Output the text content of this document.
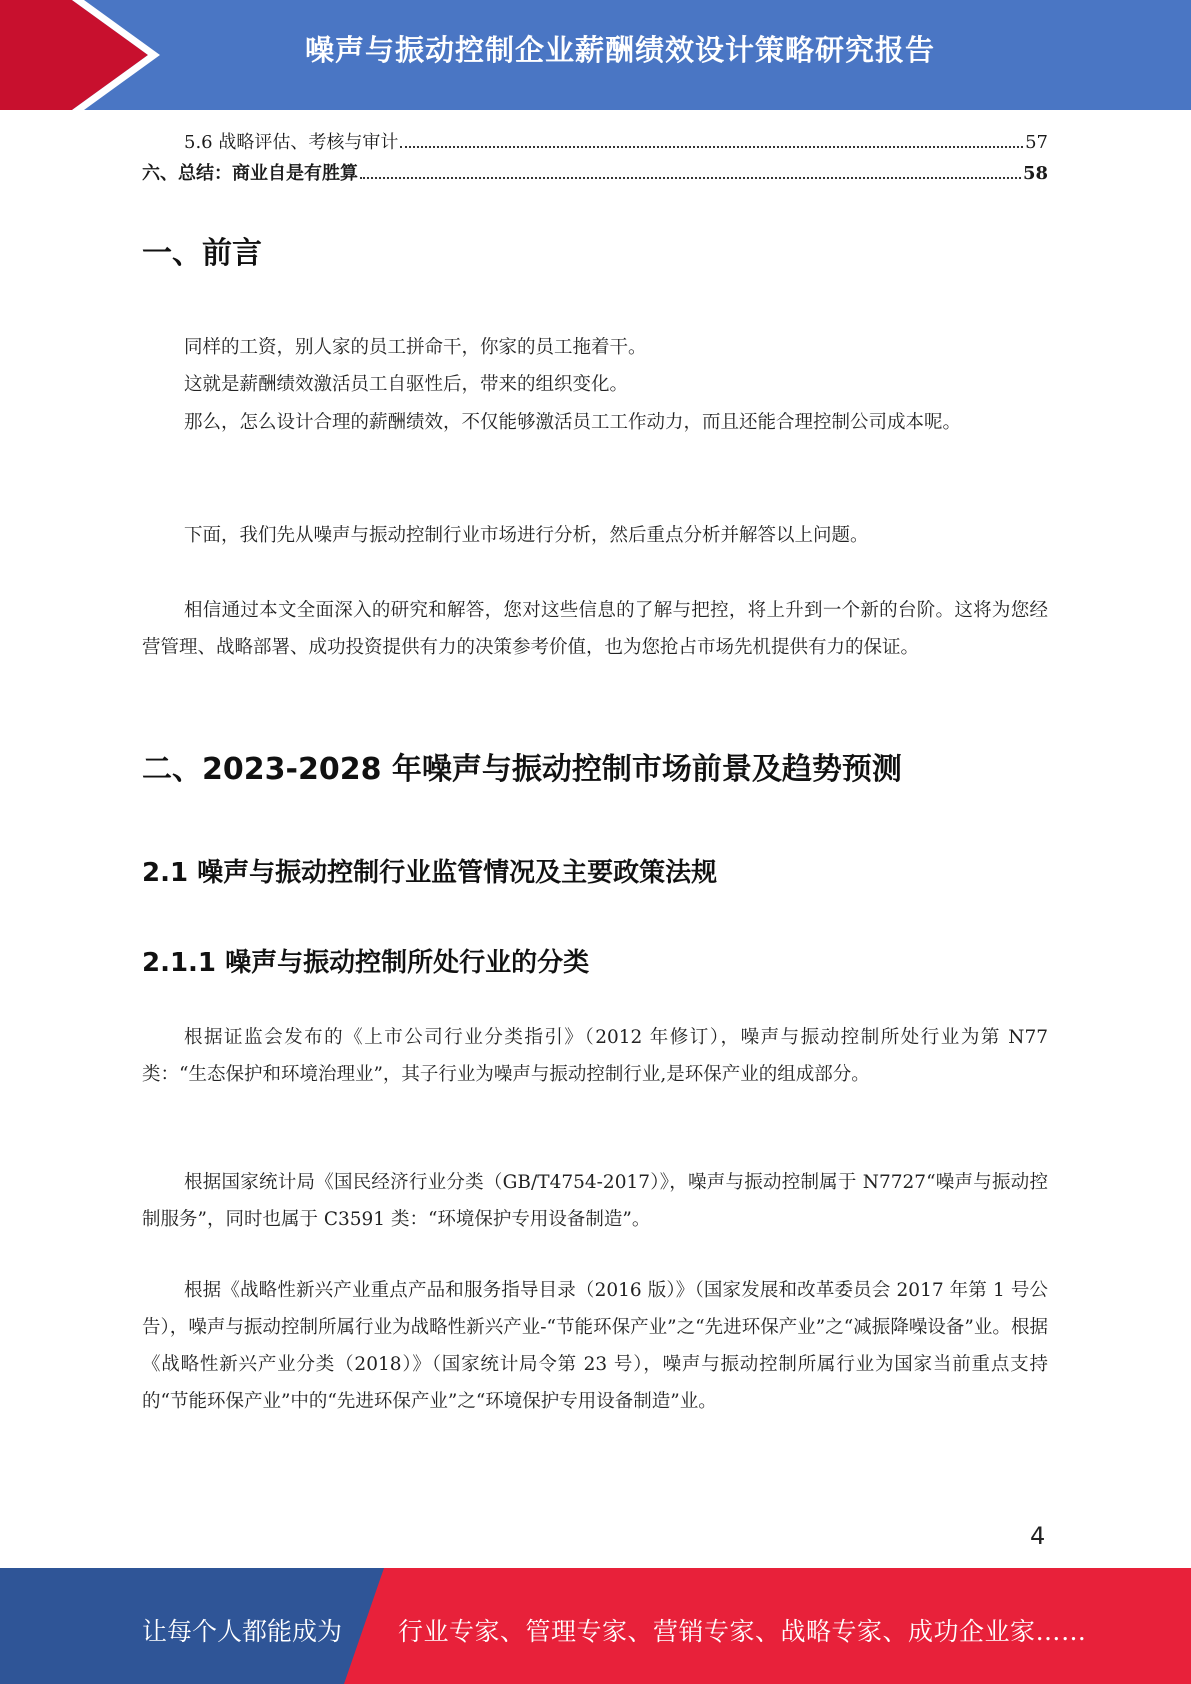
噪声与振动控制企业薪酬绩效设计策略研究报告
5.6 战略评估、考核与审计	57
六、总结：商业自是有胜算	58
一、前言
同样的工资，别人家的员工拼命干，你家的员工拖着干。
这就是薪酬绩效激活员工自驱性后，带来的组织变化。
那么，怎么设计合理的薪酬绩效，不仅能够激活员工工作动力，而且还能合理控制公司成本呢。
下面，我们先从噪声与振动控制行业市场进行分析，然后重点分析并解答以上问题。
相信通过本文全面深入的研究和解答，您对这些信息的了解与把控，将上升到一个新的台阶。这将为您经营管理、战略部署、成功投资提供有力的决策参考价值，也为您抢占市场先机提供有力的保证。
二、2023-2028 年噪声与振动控制市场前景及趋势预测
2.1 噪声与振动控制行业监管情况及主要政策法规
2.1.1 噪声与振动控制所处行业的分类
根据证监会发布的《上市公司行业分类指引》（2012 年修订），噪声与振动控制所处行业为第 N77 类：“生态保护和环境治理业”，其子行业为噪声与振动控制行业,是环保产业的组成部分。
根据国家统计局《国民经济行业分类（GB/T4754-2017）》，噪声与振动控制属于 N7727“噪声与振动控制服务”，同时也属于 C3591 类：“环境保护专用设备制造”。
根据《战略性新兴产业重点产品和服务指导目录（2016 版）》（国家发展和改革委员会 2017 年第 1 号公告），噪声与振动控制所属行业为战略性新兴产业-“节能环保产业”之“先进环保产业”之“减振降噪设备”业。根据《战略性新兴产业分类（2018）》（国家统计局令第 23 号），噪声与振动控制所属行业为国家当前重点支持的“节能环保产业”中的“先进环保产业”之“环境保护专用设备制造”业。
4
让每个人都能成为 行业专家、管理专家、营销专家、战略专家、成功企业家……
